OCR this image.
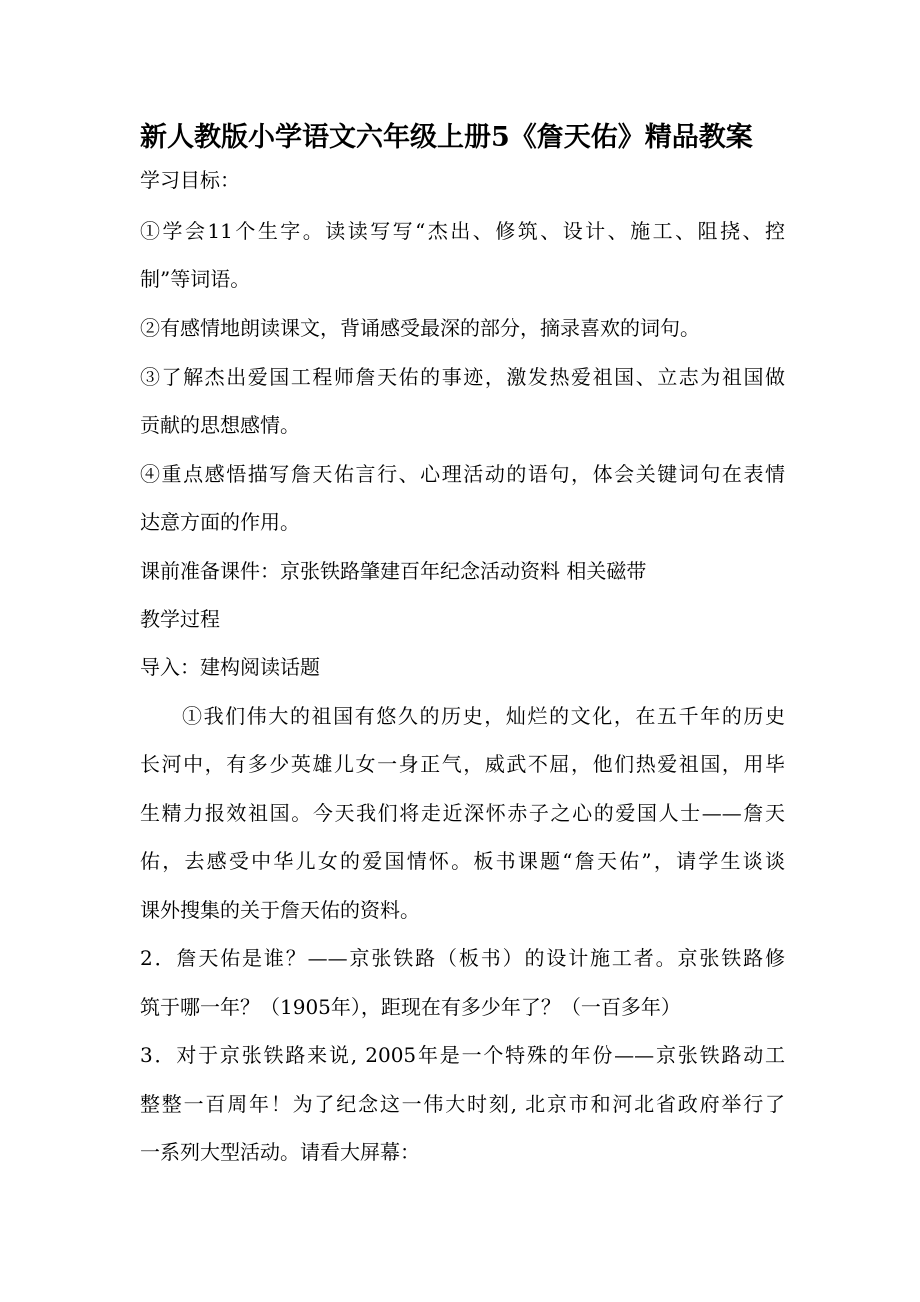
新人教版小学语文六年级上册5《詹天佑》精品教案
学习目标：
①学会11个生字。读读写写“杰出、修筑、设计、施工、阻挠、控
制”等词语。
②有感情地朗读课文，背诵感受最深的部分，摘录喜欢的词句。
③了解杰出爱国工程师詹天佑的事迹，激发热爱祖国、立志为祖国做
贡献的思想感情。
④重点感悟描写詹天佑言行、心理活动的语句，体会关键词句在表情
达意方面的作用。
课前准备课件：京张铁路肇建百年纪念活动资料 相关磁带
教学过程
导入：建构阅读话题
①我们伟大的祖国有悠久的历史，灿烂的文化，在五千年的历史
长河中，有多少英雄儿女一身正气，威武不屈，他们热爱祖国，用毕
生精力报效祖国。今天我们将走近深怀赤子之心的爱国人士——詹天
佑，去感受中华儿女的爱国情怀。板书课题“詹天佑”，请学生谈谈
课外搜集的关于詹天佑的资料。
2．詹天佑是谁？——京张铁路（板书）的设计施工者。京张铁路修
筑于哪一年？（1905年），距现在有多少年了？（一百多年）
3．对于京张铁路来说, 2005年是一个特殊的年份——京张铁路动工
整整一百周年！为了纪念这一伟大时刻, 北京市和河北省政府举行了
一系列大型活动。请看大屏幕：
